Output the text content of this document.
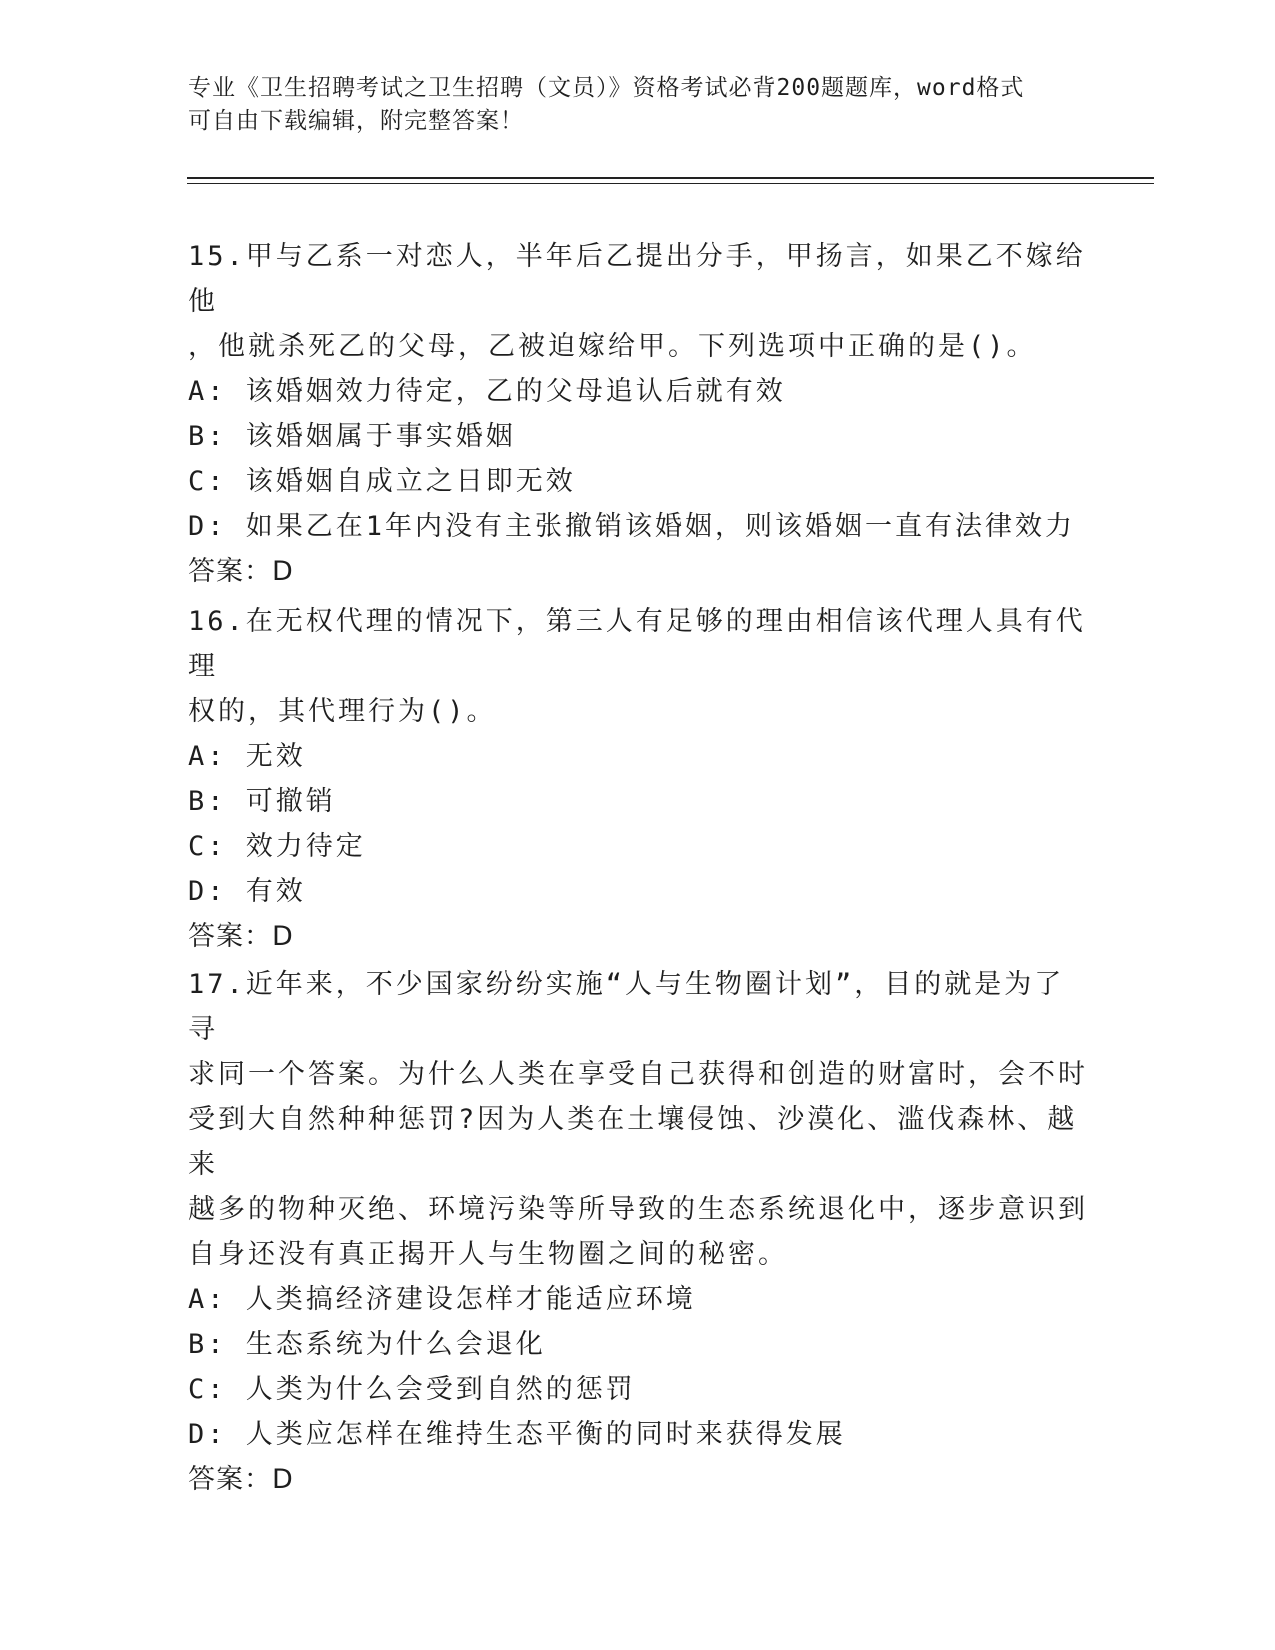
专业《卫生招聘考试之卫生招聘（文员）》资格考试必背200题题库，word格式
可自由下载编辑，附完整答案！

15.甲与乙系一对恋人，半年后乙提出分手，甲扬言，如果乙不嫁给他

，他就杀死乙的父母，乙被迫嫁给甲。下列选项中正确的是()。

A: 该婚姻效力待定，乙的父母追认后就有效

B: 该婚姻属于事实婚姻

C: 该婚姻自成立之日即无效

D: 如果乙在1年内没有主张撤销该婚姻，则该婚姻一直有法律效力

答案：D

16.在无权代理的情况下，第三人有足够的理由相信该代理人具有代理

权的，其代理行为()。

A: 无效

B: 可撤销

C: 效力待定

D: 有效

答案：D

17.近年来，不少国家纷纷实施“人与生物圈计划”，目的就是为了寻

求同一个答案。为什么人类在享受自己获得和创造的财富时，会不时

受到大自然种种惩罚?因为人类在土壤侵蚀、沙漠化、滥伐森林、越来

越多的物种灭绝、环境污染等所导致的生态系统退化中，逐步意识到

自身还没有真正揭开人与生物圈之间的秘密。

A: 人类搞经济建设怎样才能适应环境

B: 生态系统为什么会退化

C: 人类为什么会受到自然的惩罚

D: 人类应怎样在维持生态平衡的同时来获得发展

答案：D
